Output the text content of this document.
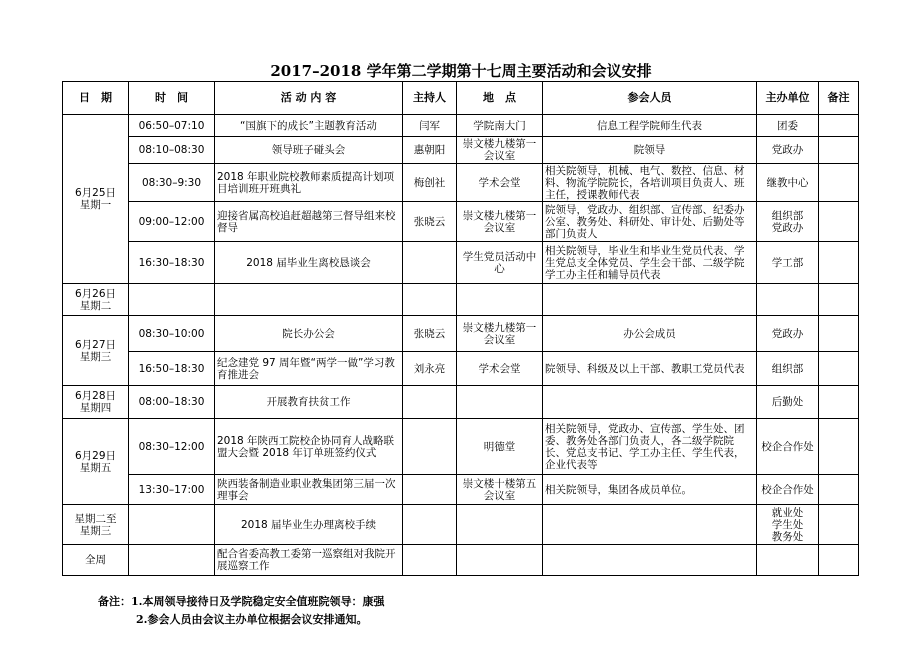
2017–2018 学年第二学期第十七周主要活动和会议安排
日　期	时　间	活 动 内 容	主持人	地　点	参会人员	主办单位	备注
6月25日
星期一	06:50–07:10	“国旗下的成长”主题教育活动	闫军	学院南大门	信息工程学院师生代表	团委	
	08:10–08:30	领导班子碰头会	惠朝阳	崇文楼九楼第一会议室	院领导	党政办	
	08:30–9:30	2018 年职业院校教师素质提高计划项目培训班开班典礼	梅创社	学术会堂	相关院领导，机械、电气、数控、信息、材料、物流学院院长，各培训项目负责人、班主任，授课教师代表	继教中心	
	09:00–12:00	迎接省属高校追赶超越第三督导组来校督导	张晓云	崇文楼九楼第一会议室	院领导，党政办、组织部、宣传部、纪委办公室、教务处、科研处、审计处、后勤处等部门负责人	组织部
党政办	
	16:30–18:30	2018 届毕业生离校恳谈会		学生党员活动中心	相关院领导，毕业生和毕业生党员代表、学生党总支全体党员、学生会干部、二级学院学工办主任和辅导员代表	学工部	
6月26日
星期二							
6月27日
星期三	08:30–10:00	院长办公会	张晓云	崇文楼九楼第一会议室	办公会成员	党政办	
	16:50–18:30	纪念建党 97 周年暨“两学一做”学习教育推进会	刘永亮	学术会堂	院领导、科级及以上干部、教职工党员代表	组织部	
6月28日
星期四	08:00–18:30	开展教育扶贫工作				后勤处	
6月29日
星期五	08:30–12:00	2018 年陕西工院校企协同育人战略联盟大会暨 2018 年订单班签约仪式		明德堂	相关院领导，党政办、宣传部、学生处、团委、教务处各部门负责人，各二级学院院长、党总支书记、学工办主任、学生代表，企业代表等	校企合作处	
	13:30–17:00	陕西装备制造业职业教集团第三届一次理事会		崇文楼十楼第五会议室	相关院领导，集团各成员单位。	校企合作处	
星期二至
星期三		2018 届毕业生办理离校手续				就业处
学生处
教务处	
全周		配合省委高教工委第一巡察组对我院开展巡察工作					
备注：1.本周领导接待日及学院稳定安全值班院领导：康强
2.参会人员由会议主办单位根据会议安排通知。
